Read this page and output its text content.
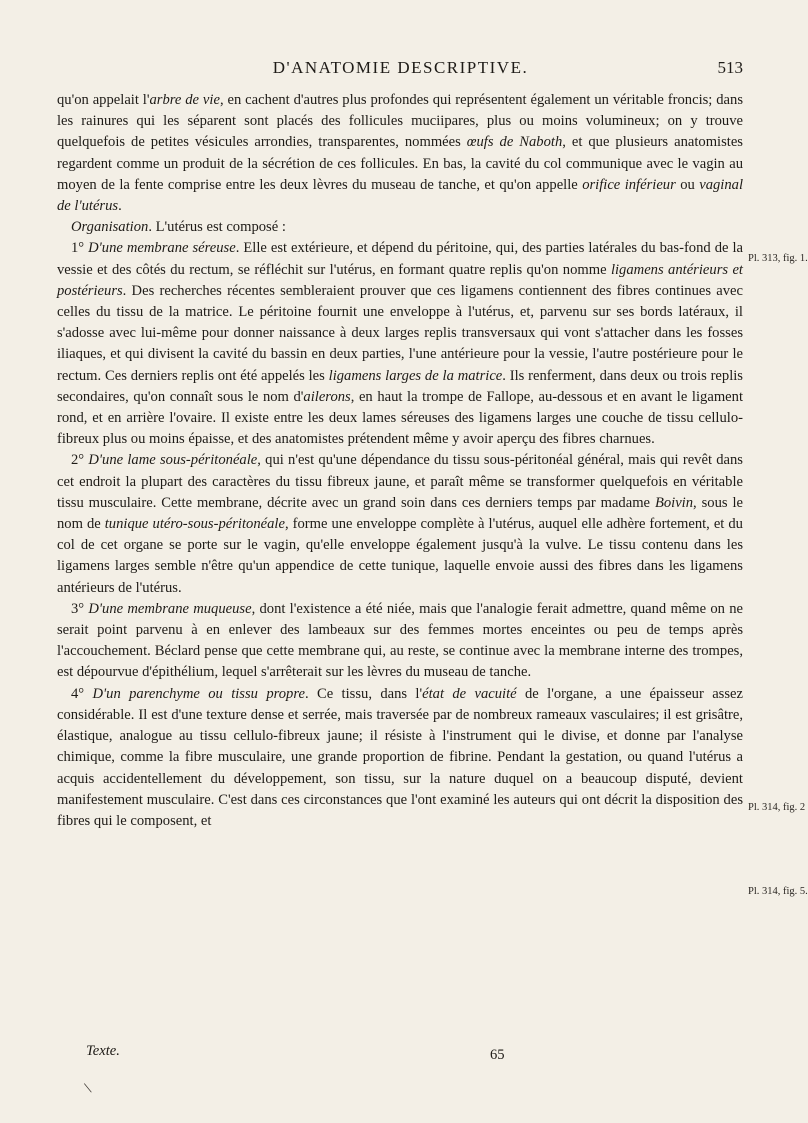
D'ANATOMIE DESCRIPTIVE.	513

qu'on appelait l'arbre de vie, en cachent d'autres plus profondes qui représentent également un véritable froncis; dans les rainures qui les séparent sont placés des follicules muciipares, plus ou moins volumineux; on y trouve quelquefois de petites vésicules arrondies, transparentes, nommées œufs de Naboth, et que plusieurs anatomistes regardent comme un produit de la sécrétion de ces follicules. En bas, la cavité du col communique avec le vagin au moyen de la fente comprise entre les deux lèvres du museau de tanche, et qu'on appelle orifice inférieur ou vaginal de l'utérus.

Organisation. L'utérus est composé :

1° D'une membrane séreuse. Elle est extérieure, et dépend du péritoine, qui, des parties latérales du bas-fond de la vessie et des côtés du rectum, se réfléchit sur l'utérus, en formant quatre replis qu'on nomme ligamens antérieurs et postérieurs. Des recherches récentes sembleraient prouver que ces ligamens contiennent des fibres continues avec celles du tissu de la matrice. Le péritoine fournit une enveloppe à l'utérus, et, parvenu sur ses bords latéraux, il s'adosse avec lui-même pour donner naissance à deux larges replis transversaux qui vont s'attacher dans les fosses iliaques, et qui divisent la cavité du bassin en deux parties, l'une antérieure pour la vessie, l'autre postérieure pour le rectum. Ces derniers replis ont été appelés les ligamens larges de la matrice. Ils renferment, dans deux ou trois replis secondaires, qu'on connaît sous le nom d'ailerons, en haut la trompe de Fallope, au-dessous et en avant le ligament rond, et en arrière l'ovaire. Il existe entre les deux lames séreuses des ligamens larges une couche de tissu cellulo-fibreux plus ou moins épaisse, et des anatomistes prétendent même y avoir aperçu des fibres charnues.

2° D'une lame sous-péritonéale, qui n'est qu'une dépendance du tissu sous-péritonéal général, mais qui revêt dans cet endroit la plupart des caractères du tissu fibreux jaune, et paraît même se transformer quelquefois en véritable tissu musculaire. Cette membrane, décrite avec un grand soin dans ces derniers temps par madame Boivin, sous le nom de tunique utéro-sous-péritonéale, forme une enveloppe complète à l'utérus, auquel elle adhère fortement, et du col de cet organe se porte sur le vagin, qu'elle enveloppe également jusqu'à la vulve. Le tissu contenu dans les ligamens larges semble n'être qu'un appendice de cette tunique, laquelle envoie aussi des fibres dans les ligamens antérieurs de l'utérus.

3° D'une membrane muqueuse, dont l'existence a été niée, mais que l'analogie ferait admettre, quand même on ne serait point parvenu à en enlever des lambeaux sur des femmes mortes enceintes ou peu de temps après l'accouchement. Béclard pense que cette membrane qui, au reste, se continue avec la membrane interne des trompes, est dépourvue d'épithélium, lequel s'arrêterait sur les lèvres du museau de tanche.

4° D'un parenchyme ou tissu propre. Ce tissu, dans l'état de vacuité de l'organe, a une épaisseur assez considérable. Il est d'une texture dense et serrée, mais traversée par de nombreux rameaux vasculaires; il est grisâtre, élastique, analogue au tissu cellulo-fibreux jaune; il résiste à l'instrument qui le divise, et donne par l'analyse chimique, comme la fibre musculaire, une grande proportion de fibrine. Pendant la gestation, ou quand l'utérus a acquis accidentellement du développement, son tissu, sur la nature duquel on a beaucoup disputé, devient manifestement musculaire. C'est dans ces circonstances que l'ont examiné les auteurs qui ont décrit la disposition des fibres qui le composent, et

Pl. 313, fig. 1.
Pl. 314, fig. 2
Pl. 314, fig. 5.
Texte.	65
\
